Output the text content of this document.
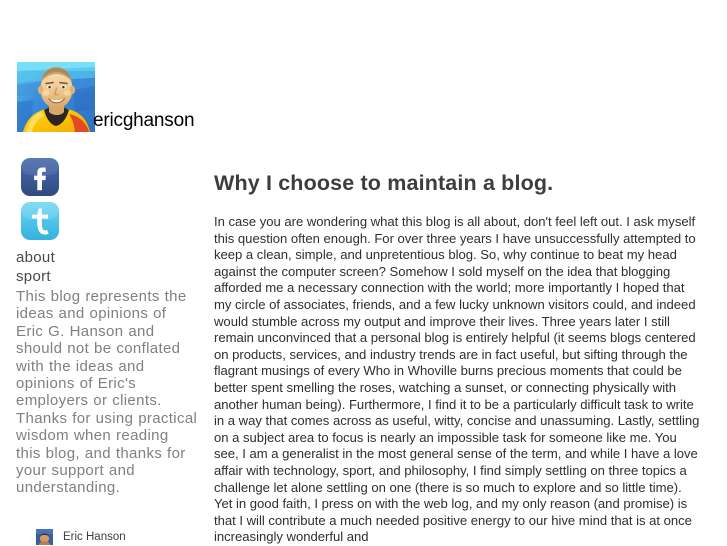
ericghanson
about
sport
This blog represents the ideas and opinions of Eric G. Hanson and should not be conflated with the ideas and opinions of Eric's employers or clients. Thanks for using practical wisdom when reading this blog, and thanks for your support and understanding.
Eric Hanson
Why I choose to maintain a blog.
In case you are wondering what this blog is all about, don't feel left out. I ask myself this question often enough. For over three years I have unsuccessfully attempted to keep a clean, simple, and unpretentious blog. So, why continue to beat my head against the computer screen? Somehow I sold myself on the idea that blogging afforded me a necessary connection with the world; more importantly I hoped that my circle of associates, friends, and a few lucky unknown visitors could, and indeed would stumble across my output and improve their lives. Three years later I still remain unconvinced that a personal blog is entirely helpful (it seems blogs centered on products, services, and industry trends are in fact useful, but sifting through the flagrant musings of every Who in Whoville burns precious moments that could be better spent smelling the roses, watching a sunset, or connecting physically with another human being). Furthermore, I find it to be a particularly difficult task to write in a way that comes across as useful, witty, concise and unassuming. Lastly, settling on a subject area to focus is nearly an impossible task for someone like me. You see, I am a generalist in the most general sense of the term, and while I have a love affair with technology, sport, and philosophy, I find simply settling on three topics a challenge let alone settling on one (there is so much to explore and so little time). Yet in good faith, I press on with the web log, and my only reason (and promise) is that I will contribute a much needed positive energy to our hive mind that is at once increasingly wonderful and
